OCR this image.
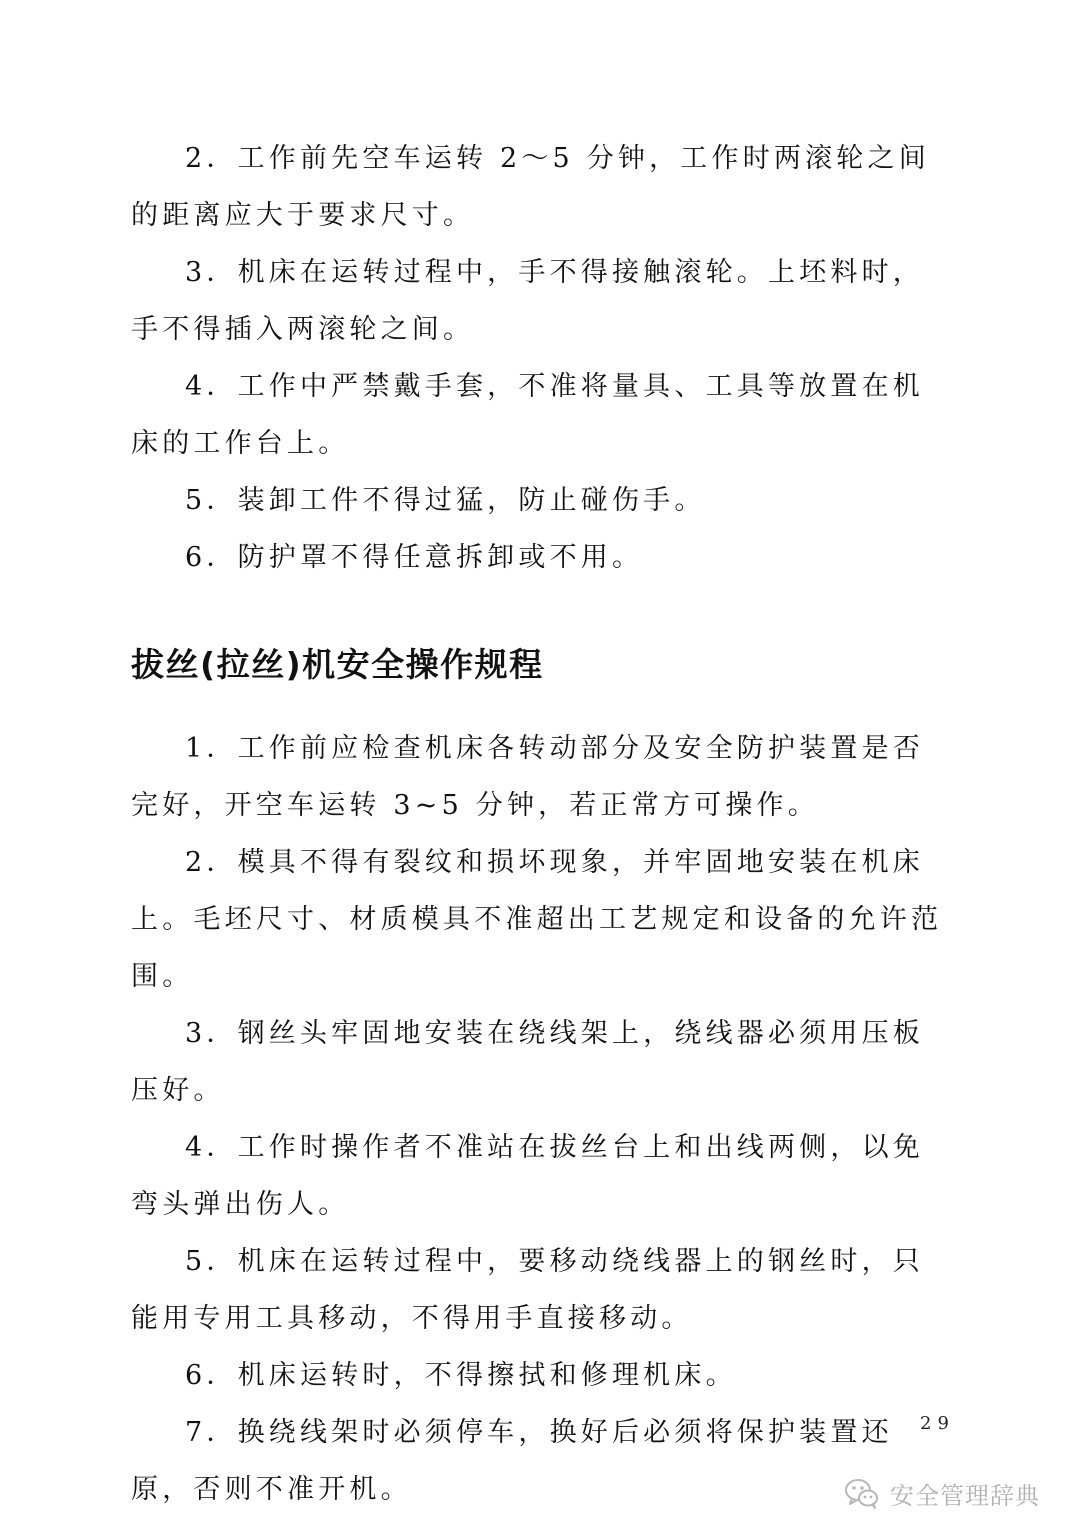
2．工作前先空车运转 2～5 分钟，工作时两滚轮之间的距离应大于要求尺寸。

3．机床在运转过程中，手不得接触滚轮。上坯料时，手不得插入两滚轮之间。

4．工作中严禁戴手套，不准将量具、工具等放置在机床的工作台上。

5．装卸工件不得过猛，防止碰伤手。

6．防护罩不得任意拆卸或不用。

拔丝(拉丝)机安全操作规程

1．工作前应检查机床各转动部分及安全防护装置是否完好，开空车运转 3~5 分钟，若正常方可操作。

2．模具不得有裂纹和损坏现象，并牢固地安装在机床上。毛坯尺寸、材质模具不准超出工艺规定和设备的允许范围。

3．钢丝头牢固地安装在绕线架上，绕线器必须用压板压好。

4．工作时操作者不准站在拔丝台上和出线两侧，以免弯头弹出伤人。

5．机床在运转过程中，要移动绕线器上的钢丝时，只能用专用工具移动，不得用手直接移动。

6．机床运转时，不得擦拭和修理机床。

7．换绕线架时必须停车，换好后必须将保护装置还原，否则不准开机。

29
安全管理辞典
